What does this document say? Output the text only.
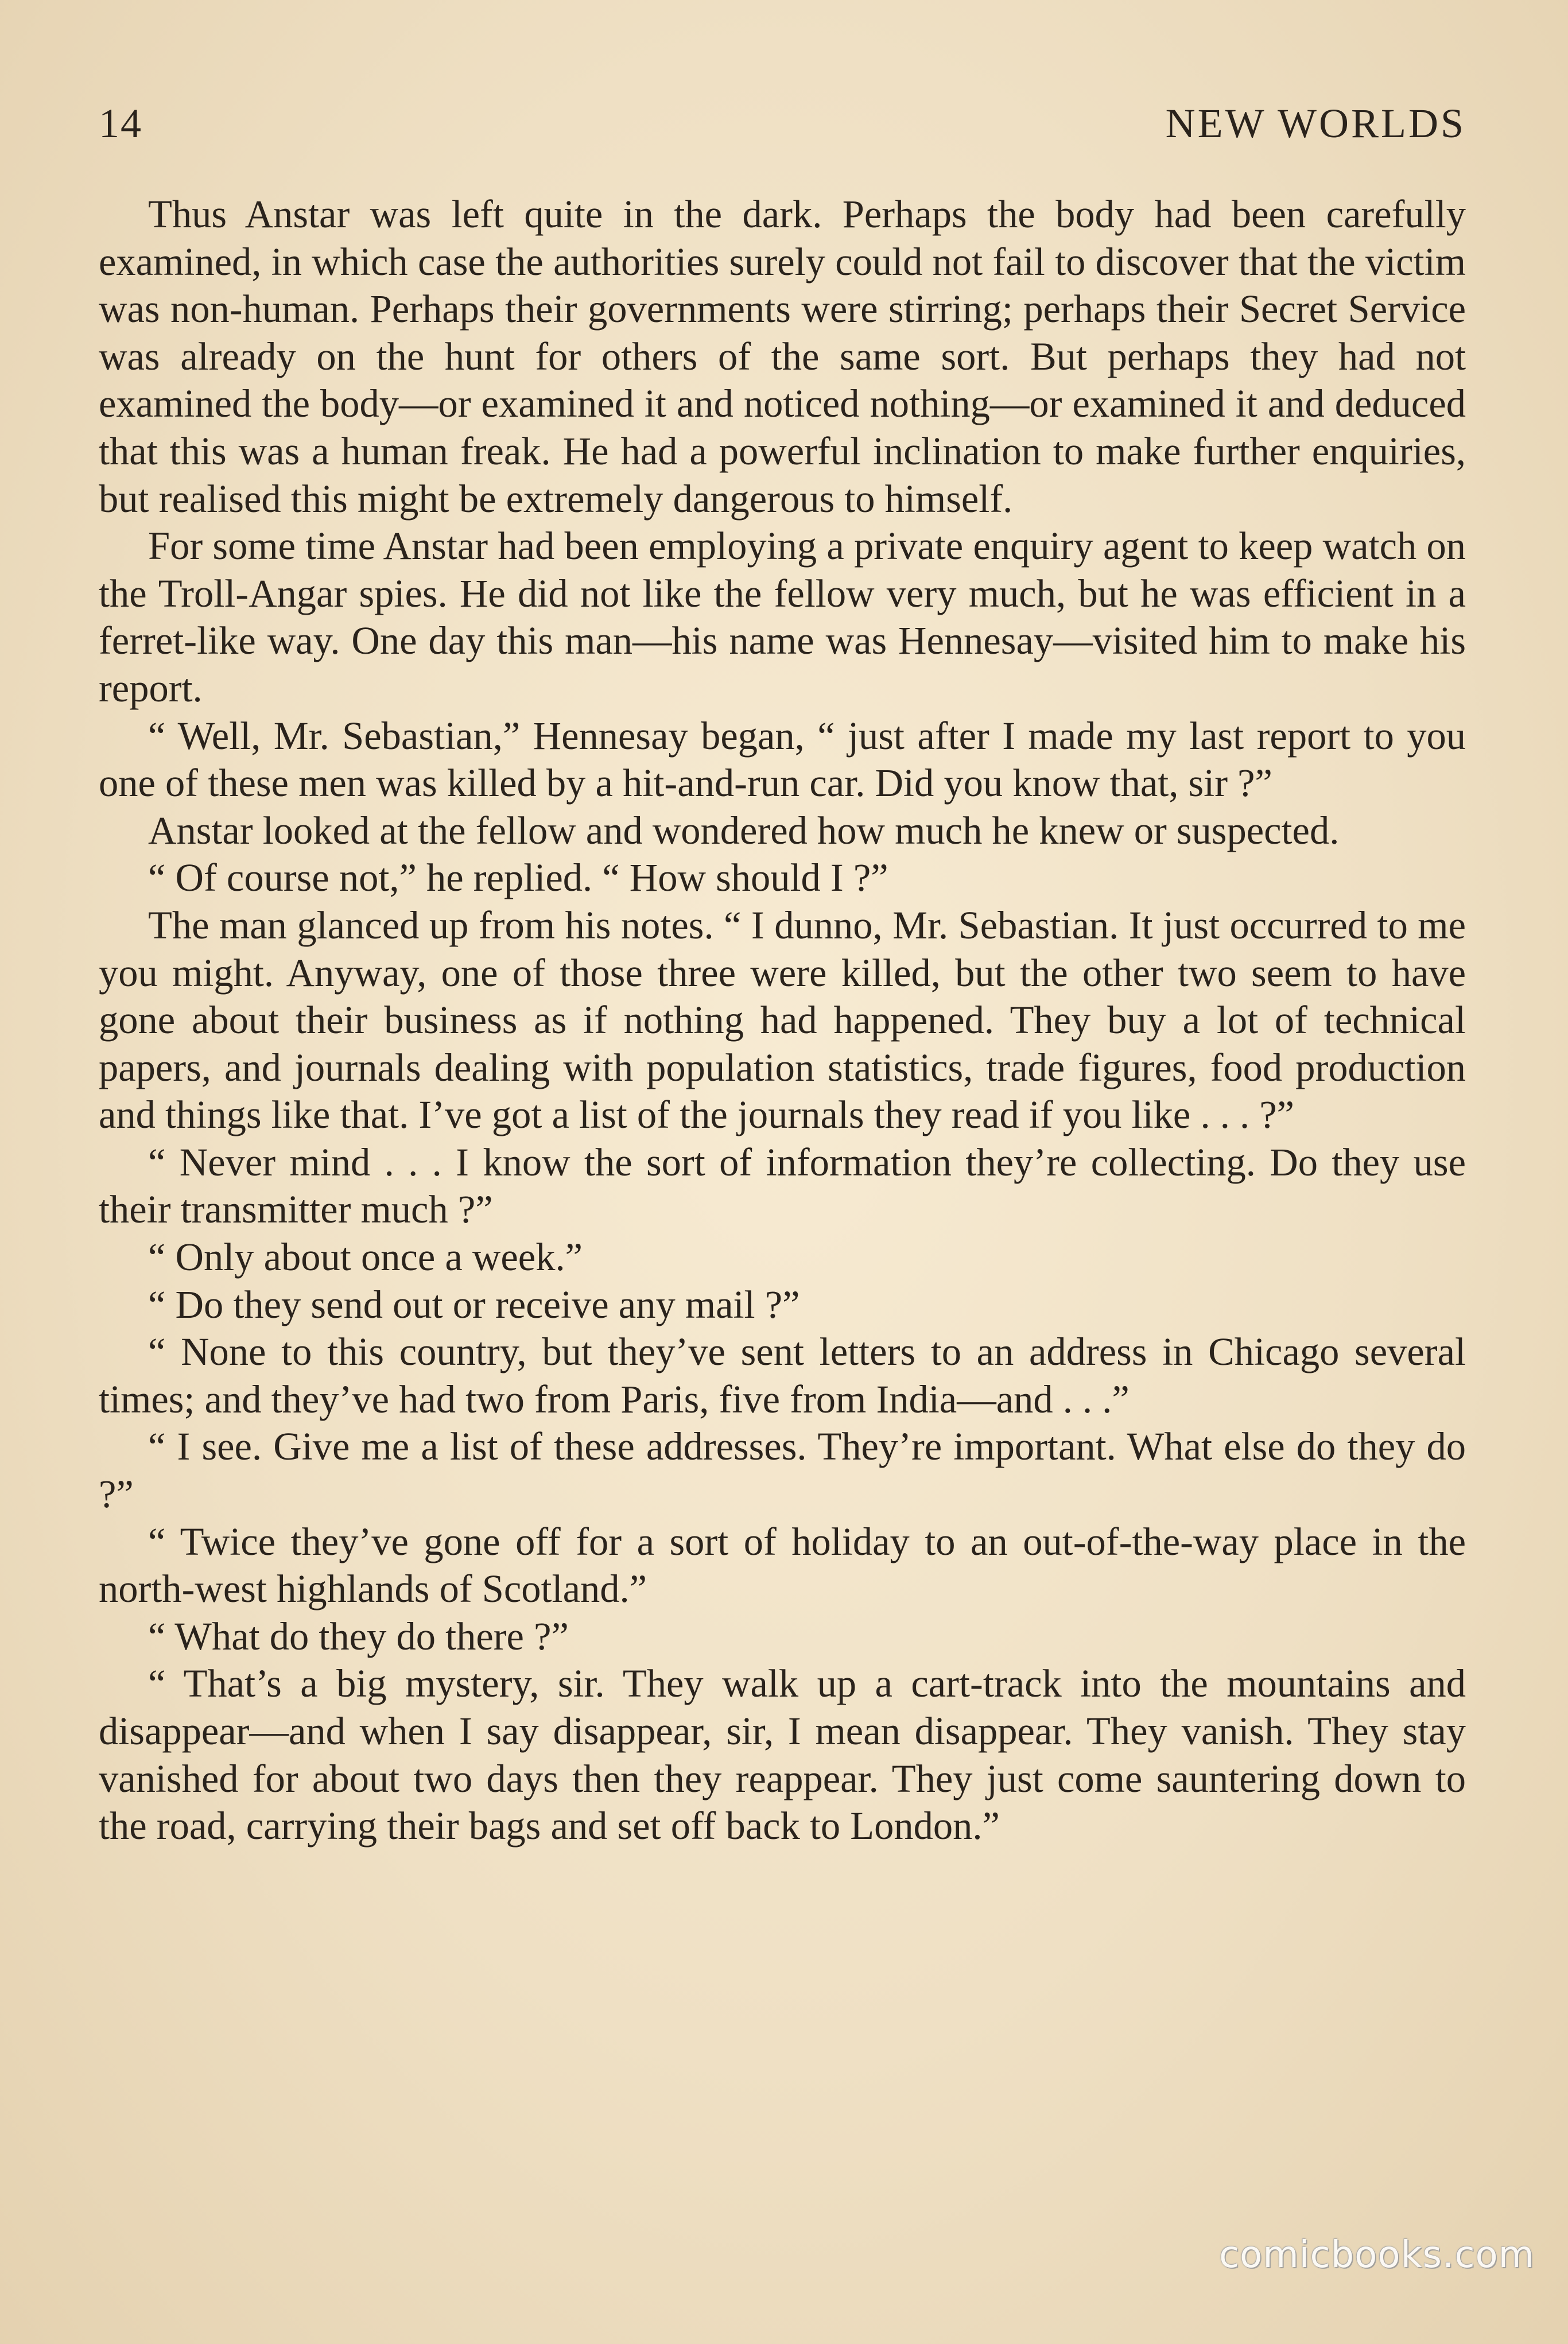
14	NEW WORLDS

Thus Anstar was left quite in the dark. Perhaps the body had been carefully examined, in which case the authorities surely could not fail to discover that the victim was non-human. Perhaps their governments were stirring; perhaps their Secret Service was already on the hunt for others of the same sort. But perhaps they had not examined the body—or examined it and noticed nothing—or examined it and deduced that this was a human freak. He had a powerful inclination to make further enquiries, but realised this might be extremely dangerous to himself.

For some time Anstar had been employing a private enquiry agent to keep watch on the Troll-Angar spies. He did not like the fellow very much, but he was efficient in a ferret-like way. One day this man—his name was Hennesay—visited him to make his report.

“ Well, Mr. Sebastian,” Hennesay began, “ just after I made my last report to you one of these men was killed by a hit-and-run car. Did you know that, sir ?”

Anstar looked at the fellow and wondered how much he knew or suspected.

“ Of course not,” he replied. “ How should I ?”

The man glanced up from his notes. “ I dunno, Mr. Sebastian. It just occurred to me you might. Anyway, one of those three were killed, but the other two seem to have gone about their business as if nothing had happened. They buy a lot of technical papers, and journals dealing with population statistics, trade figures, food production and things like that. I’ve got a list of the journals they read if you like . . . ?”

“ Never mind . . . I know the sort of information they’re collecting. Do they use their transmitter much ?”

“ Only about once a week.”

“ Do they send out or receive any mail ?”

“ None to this country, but they’ve sent letters to an address in Chicago several times; and they’ve had two from Paris, five from India—and . . .”

“ I see. Give me a list of these addresses. They’re important. What else do they do ?”

“ Twice they’ve gone off for a sort of holiday to an out-of-the-way place in the north-west highlands of Scotland.”

“ What do they do there ?”

“ That’s a big mystery, sir. They walk up a cart-track into the mountains and disappear—and when I say disappear, sir, I mean disappear. They vanish. They stay vanished for about two days then they reappear. They just come sauntering down to the road, carrying their bags and set off back to London.”

comicbooks.com
